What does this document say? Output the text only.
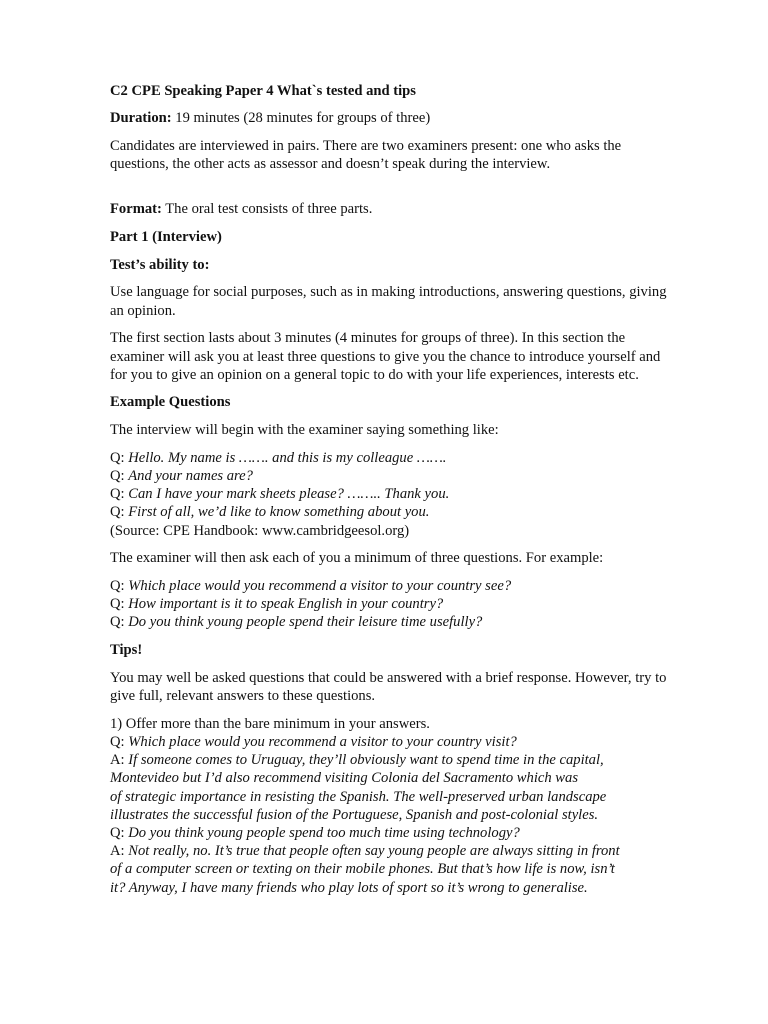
C2 CPE Speaking Paper 4 What`s tested and tips

Duration: 19 minutes (28 minutes for groups of three)

Candidates are interviewed in pairs. There are two examiners present: one who asks the questions, the other acts as assessor and doesn’t speak during the interview.

Format: The oral test consists of three parts.

Part 1 (Interview)

Test’s ability to:

Use language for social purposes, such as in making introductions, answering questions, giving an opinion.

The first section lasts about 3 minutes (4 minutes for groups of three). In this section the examiner will ask you at least three questions to give you the chance to introduce yourself and for you to give an opinion on a general topic to do with your life experiences, interests etc.

Example Questions

The interview will begin with the examiner saying something like:

Q: Hello. My name is ……. and this is my colleague …….
Q: And your names are?
Q: Can I have your mark sheets please? …….. Thank you.
Q: First of all, we’d like to know something about you.
(Source: CPE Handbook: www.cambridgeesol.org)

The examiner will then ask each of you a minimum of three questions. For example:

Q: Which place would you recommend a visitor to your country see?
Q: How important is it to speak English in your country?
Q: Do you think young people spend their leisure time usefully?

Tips!

You may well be asked questions that could be answered with a brief response. However, try to give full, relevant answers to these questions.

1) Offer more than the bare minimum in your answers.
Q: Which place would you recommend a visitor to your country visit?
A: If someone comes to Uruguay, they’ll obviously want to spend time in the capital,
Montevideo but I’d also recommend visiting Colonia del Sacramento which was
of strategic importance in resisting the Spanish. The well-preserved urban landscape
illustrates the successful fusion of the Portuguese, Spanish and post-colonial styles.
Q: Do you think young people spend too much time using technology?
A: Not really, no. It’s true that people often say young people are always sitting in front
of a computer screen or texting on their mobile phones. But that’s how life is now, isn’t
it? Anyway, I have many friends who play lots of sport so it’s wrong to generalise.
